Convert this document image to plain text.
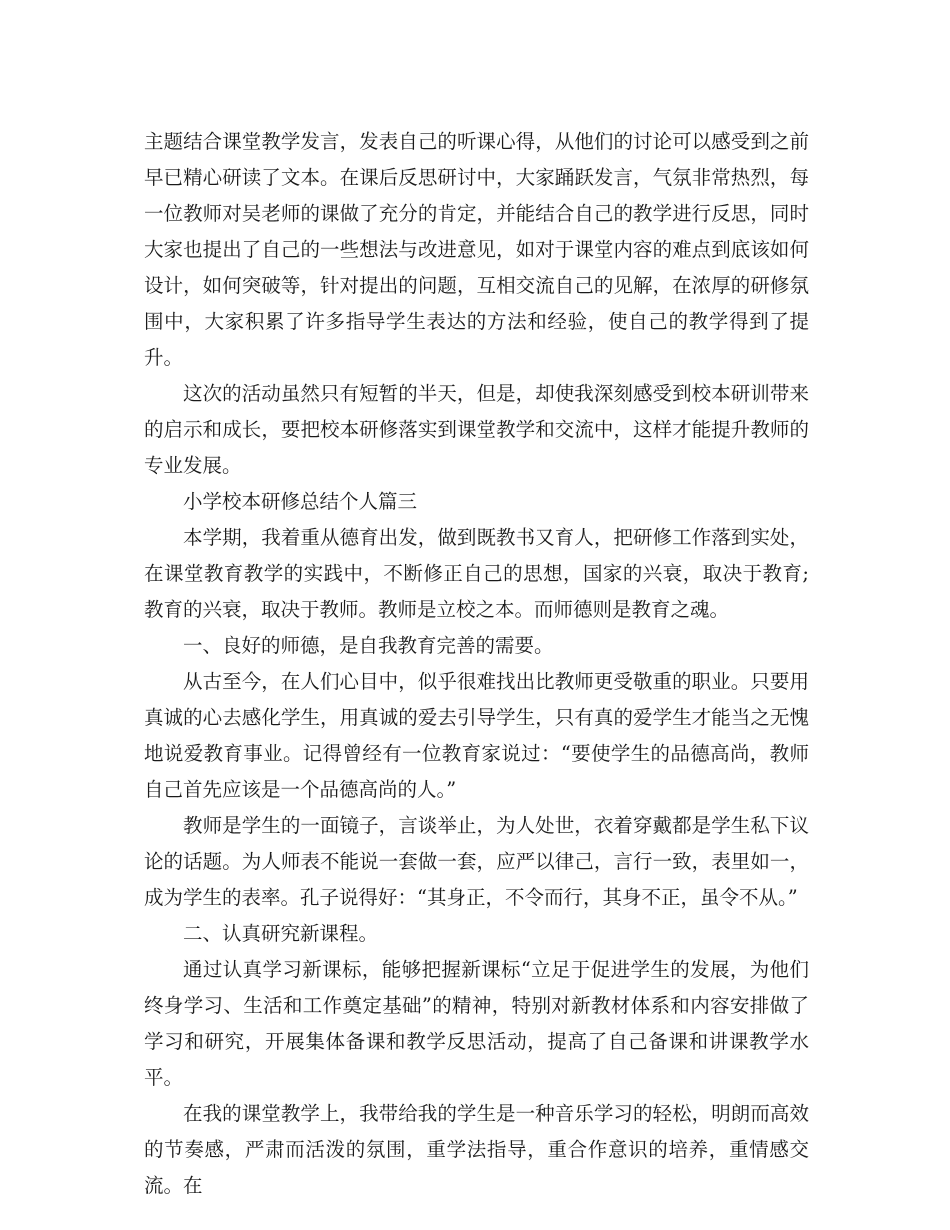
主题结合课堂教学发言，发表自己的听课心得，从他们的讨论可以感受到之前早已精心研读了文本。在课后反思研讨中，大家踊跃发言，气氛非常热烈，每一位教师对吴老师的课做了充分的肯定，并能结合自己的教学进行反思，同时大家也提出了自己的一些想法与改进意见，如对于课堂内容的难点到底该如何设计，如何突破等，针对提出的问题，互相交流自己的见解，在浓厚的研修氛围中，大家积累了许多指导学生表达的方法和经验，使自己的教学得到了提升。

这次的活动虽然只有短暂的半天，但是，却使我深刻感受到校本研训带来的启示和成长，要把校本研修落实到课堂教学和交流中，这样才能提升教师的专业发展。

小学校本研修总结个人篇三

本学期，我着重从德育出发，做到既教书又育人，把研修工作落到实处，在课堂教育教学的实践中，不断修正自己的思想，国家的兴衰，取决于教育;教育的兴衰，取决于教师。教师是立校之本。而师德则是教育之魂。

一、良好的师德，是自我教育完善的需要。

从古至今，在人们心目中，似乎很难找出比教师更受敬重的职业。只要用真诚的心去感化学生，用真诚的爱去引导学生，只有真的爱学生才能当之无愧地说爱教育事业。记得曾经有一位教育家说过：“要使学生的品德高尚，教师自己首先应该是一个品德高尚的人。”

教师是学生的一面镜子，言谈举止，为人处世，衣着穿戴都是学生私下议论的话题。为人师表不能说一套做一套，应严以律己，言行一致，表里如一，成为学生的表率。孔子说得好：“其身正，不令而行，其身不正，虽令不从。”

二、认真研究新课程。

通过认真学习新课标，能够把握新课标“立足于促进学生的发展，为他们终身学习、生活和工作奠定基础”的精神，特别对新教材体系和内容安排做了学习和研究，开展集体备课和教学反思活动，提高了自己备课和讲课教学水平。

在我的课堂教学上，我带给我的学生是一种音乐学习的轻松，明朗而高效的节奏感，严肃而活泼的氛围，重学法指导，重合作意识的培养，重情感交流。在
